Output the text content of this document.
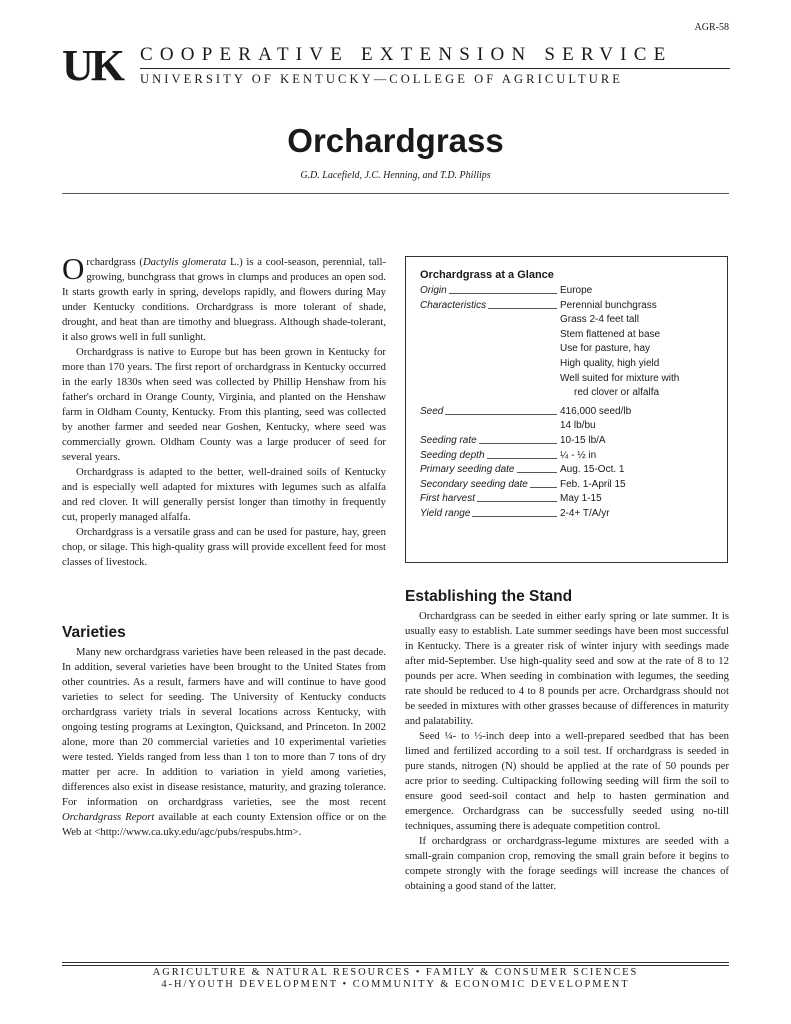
AGR-58
UK COOPERATIVE EXTENSION SERVICE
UNIVERSITY OF KENTUCKY—COLLEGE OF AGRICULTURE
Orchardgrass
G.D. Lacefield, J.C. Henning, and T.D. Phillips

Orchardgrass (Dactylis glomerata L.) is a cool-season, perennial, tall-growing, bunchgrass that grows in clumps and produces an open sod. It starts growth early in spring, develops rapidly, and flowers during May under Kentucky conditions. Orchardgrass is more tolerant of shade, drought, and heat than are timothy and bluegrass. Although shade-tolerant, it also grows well in full sunlight.

Orchardgrass is native to Europe but has been grown in Kentucky for more than 170 years. The first report of orchardgrass in Kentucky occurred in the early 1830s when seed was collected by Phillip Henshaw from his father's orchard in Orange County, Virginia, and planted on the Henshaw farm in Oldham County, Kentucky. From this planting, seed was collected by another farmer and seeded near Goshen, Kentucky, where seed was commercially grown. Oldham County was a large producer of seed for several years.

Orchardgrass is adapted to the better, well-drained soils of Kentucky and is especially well adapted for mixtures with legumes such as alfalfa and red clover. It will generally persist longer than timothy in frequently cut, properly managed alfalfa.

Orchardgrass is a versatile grass and can be used for pasture, hay, green chop, or silage. This high-quality grass will provide excellent feed for most classes of livestock.

Varieties

Many new orchardgrass varieties have been released in the past decade. In addition, several varieties have been brought to the United States from other countries. As a result, farmers have and will continue to have good varieties to select for seeding. The University of Kentucky conducts orchardgrass variety trials in several locations across Kentucky, with ongoing testing programs at Lexington, Quicksand, and Princeton. In 2002 alone, more than 20 commercial varieties and 10 experimental varieties were tested. Yields ranged from less than 1 ton to more than 7 tons of dry matter per acre. In addition to variation in yield among varieties, differences also exist in disease resistance, maturity, and grazing tolerance. For information on orchardgrass varieties, see the most recent Orchardgrass Report available at each county Extension office or on the Web at <http://www.ca.uky.edu/agc/pubs/respubs.htm>.

Orchardgrass at a Glance
Origin	Europe
Characteristics	Perennial bunchgrass
Grass 2-4 feet tall
Stem flattened at base
Use for pasture, hay
High quality, high yield
Well suited for mixture with
red clover or alfalfa
Seed	416,000 seed/lb
14 lb/bu
Seeding rate	10-15 lb/A
Seeding depth	¼ - ½ in
Primary seeding date	Aug. 15-Oct. 1
Secondary seeding date	Feb. 1-April 15
First harvest	May 1-15
Yield range	2-4+ T/A/yr
Establishing the Stand

Orchardgrass can be seeded in either early spring or late summer. It is usually easy to establish. Late summer seedings have been most successful in Kentucky. There is a greater risk of winter injury with seedings made after mid-September. Use high-quality seed and sow at the rate of 8 to 12 pounds per acre. When seeding in combination with legumes, the seeding rate should be reduced to 4 to 8 pounds per acre. Orchardgrass should not be seeded in mixtures with other grasses because of differences in maturity and palatability.

Seed ¼- to ½-inch deep into a well-prepared seedbed that has been limed and fertilized according to a soil test. If orchardgrass is seeded in pure stands, nitrogen (N) should be applied at the rate of 50 pounds per acre prior to seeding. Cultipacking following seeding will firm the soil to ensure good seed-soil contact and help to hasten germination and emergence. Orchardgrass can be successfully seeded using no-till techniques, assuming there is adequate competition control.

If orchardgrass or orchardgrass-legume mixtures are seeded with a small-grain companion crop, removing the small grain before it begins to compete strongly with the forage seedings will increase the chances of obtaining a good stand of the latter.

AGRICULTURE & NATURAL RESOURCES • FAMILY & CONSUMER SCIENCES
4-H/YOUTH DEVELOPMENT • COMMUNITY & ECONOMIC DEVELOPMENT
